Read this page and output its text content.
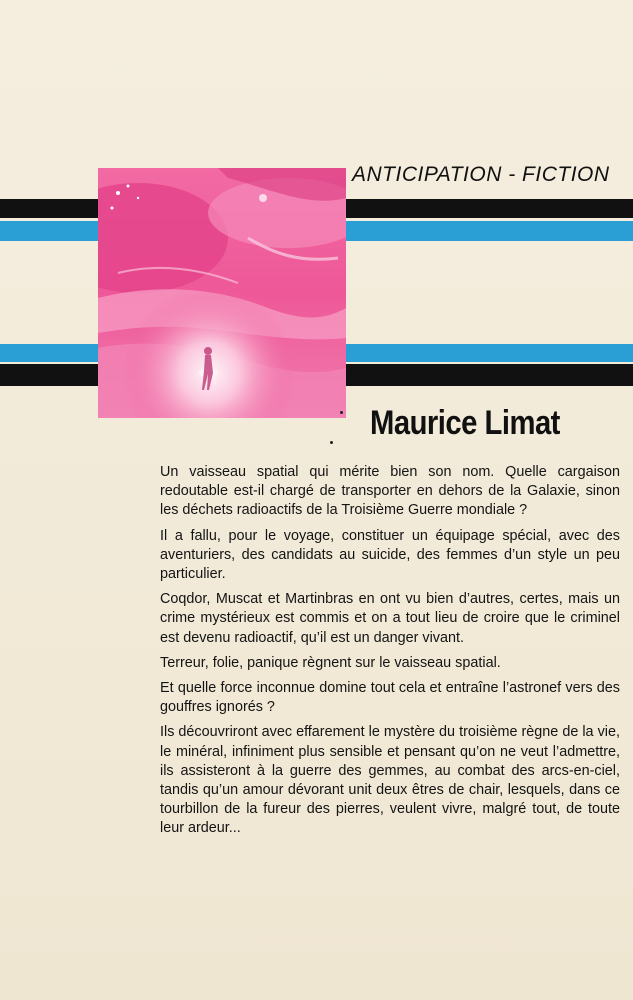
ANTICIPATION - FICTION
Maurice Limat

Un vaisseau spatial qui mérite bien son nom. Quelle cargaison redoutable est-il chargé de transporter en dehors de la Galaxie, sinon les déchets radioactifs de la Troisième Guerre mondiale ?

Il a fallu, pour le voyage, constituer un équipage spécial, avec des aventuriers, des candidats au suicide, des femmes d’un style un peu particulier.

Coqdor, Muscat et Martinbras en ont vu bien d’autres, certes, mais un crime mystérieux est commis et on a tout lieu de croire que le criminel est devenu radioactif, qu’il est un danger vivant.

Terreur, folie, panique règnent sur le vaisseau spatial.

Et quelle force inconnue domine tout cela et entraîne l’astronef vers des gouffres ignorés ?

Ils découvriront avec effarement le mystère du troisième règne de la vie, le minéral, infiniment plus sensible et pensant qu’on ne veut l’admettre, ils assisteront à la guerre des gemmes, au combat des arcs-en-ciel, tandis qu’un amour dévorant unit deux êtres de chair, lesquels, dans ce tourbillon de la fureur des pierres, veulent vivre, malgré tout, de toute leur ardeur...
